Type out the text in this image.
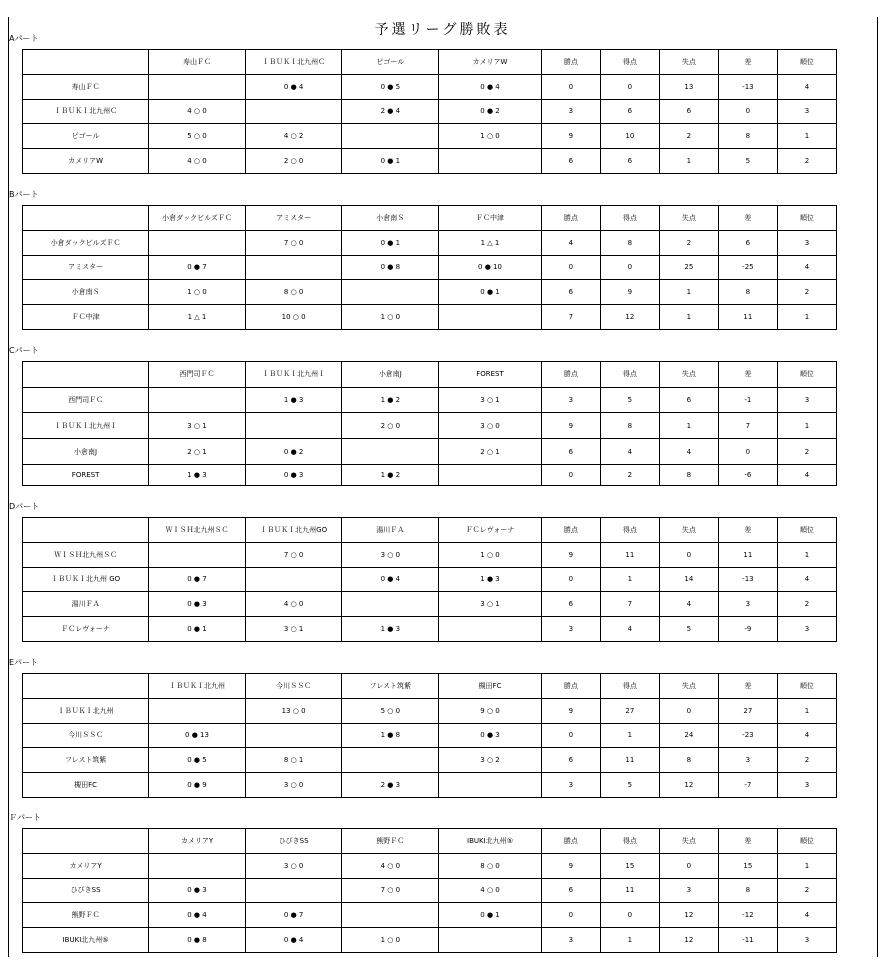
予選リーグ勝敗表
Aパート
	寿山ＦＣ	ＩＢＵＫＩ北九州Ｃ	ピゴール	カメリアW	勝点	得点	失点	差	順位
寿山ＦＣ		0 ● 4	0 ● 5	0 ● 4	0	0	13	-13	4
ＩＢＵＫＩ北九州Ｃ	4 ○ 0		2 ● 4	0 ● 2	3	6	6	0	3
ピゴール	5 ○ 0	4 ○ 2		1 ○ 0	9	10	2	8	1
カメリアW	4 ○ 0	2 ○ 0	0 ● 1		6	6	1	5	2
Bパート
	小倉ダックビルズＦＣ	アミスター	小倉南Ｓ	ＦＣ中津	勝点	得点	失点	差	順位
小倉ダックビルズＦＣ		7 ○ 0	0 ● 1	1 △ 1	4	8	2	6	3
アミスター	0 ● 7		0 ● 8	0 ● 10	0	0	25	-25	4
小倉南Ｓ	1 ○ 0	8 ○ 0		0 ● 1	6	9	1	8	2
ＦＣ中津	1 △ 1	10 ○ 0	1 ○ 0		7	12	1	11	1
Cパート
	西門司ＦＣ	ＩＢＵＫＩ北九州Ｉ	小倉南J	FOREST	勝点	得点	失点	差	順位
西門司ＦＣ		1 ● 3	1 ● 2	3 ○ 1	3	5	6	-1	3
ＩＢＵＫＩ北九州Ｉ	3 ○ 1		2 ○ 0	3 ○ 0	9	8	1	7	1
小倉南J	2 ○ 1	0 ● 2		2 ○ 1	6	4	4	0	2
FOREST	1 ● 3	0 ● 3	1 ● 2		0	2	8	-6	4
Dパート
	ＷＩＳＨ北九州ＳＣ	ＩＢＵＫＩ北九州GO	湯川ＦＡ	ＦＣレヴォーナ	勝点	得点	失点	差	順位
ＷＩＳＨ北九州ＳＣ		7 ○ 0	3 ○ 0	1 ○ 0	9	11	0	11	1
ＩＢＵＫＩ北九州 GO	0 ● 7		0 ● 4	1 ● 3	0	1	14	-13	4
湯川ＦＡ	0 ● 3	4 ○ 0		3 ○ 1	6	7	4	3	2
ＦＣレヴォーナ	0 ● 1	3 ○ 1	1 ● 3		3	4	5	-9	3
Eパート
	ＩＢＵＫＩ北九州	今川ＳＳＣ	フレスト筑紫	槻田FC	勝点	得点	失点	差	順位
ＩＢＵＫＩ北九州		13 ○ 0	5 ○ 0	9 ○ 0	9	27	0	27	1
今川ＳＳＣ	0 ● 13		1 ● 8	0 ● 3	0	1	24	-23	4
フレスト筑紫	0 ● 5	8 ○ 1		3 ○ 2	6	11	8	3	2
槻田FC	0 ● 9	3 ○ 0	2 ● 3		3	5	12	-7	3
Ｆパート
	カメリアY	ひびきSS	熊野ＦＣ	IBUKI北九州⑤	勝点	得点	失点	差	順位
カメリアY		3 ○ 0	4 ○ 0	8 ○ 0	9	15	0	15	1
ひびきSS	0 ● 3		7 ○ 0	4 ○ 0	6	11	3	8	2
熊野ＦＣ	0 ● 4	0 ● 7		0 ● 1	0	0	12	-12	4
IBUKI北九州⑤	0 ● 8	0 ● 4	1 ○ 0		3	1	12	-11	3
